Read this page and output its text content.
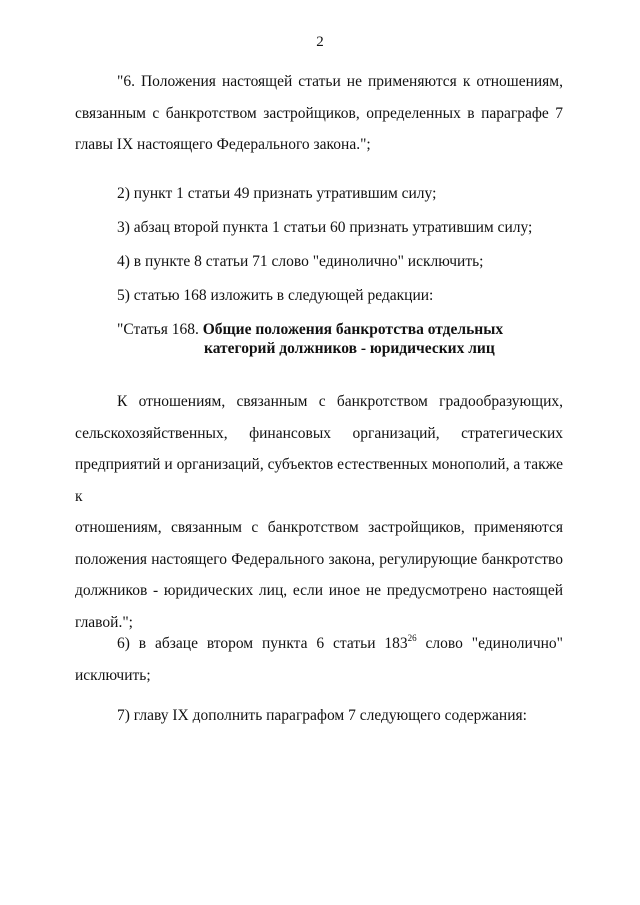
2
"6. Положения настоящей статьи не применяются к отношениям,
связанным с банкротством застройщиков, определенных в параграфе 7
главы IX настоящего Федерального закона.";
2) пункт 1 статьи 49 признать утратившим силу;
3) абзац второй пункта 1 статьи 60 признать утратившим силу;
4) в пункте 8 статьи 71 слово "единолично" исключить;
5) статью 168 изложить в следующей редакции:
"Статья 168. Общие положения банкротства отдельных
категорий должников - юридических лиц
К отношениям, связанным с банкротством градообразующих,
сельскохозяйственных, финансовых организаций, стратегических
предприятий и организаций, субъектов естественных монополий, а также к
отношениям, связанным с банкротством застройщиков, применяются
положения настоящего Федерального закона, регулирующие банкротство
должников - юридических лиц, если иное не предусмотрено настоящей
главой.";
6) в абзаце втором пункта 6 статьи $183^{26}$ слово "единолично"
исключить;
7) главу IX дополнить параграфом 7 следующего содержания:
